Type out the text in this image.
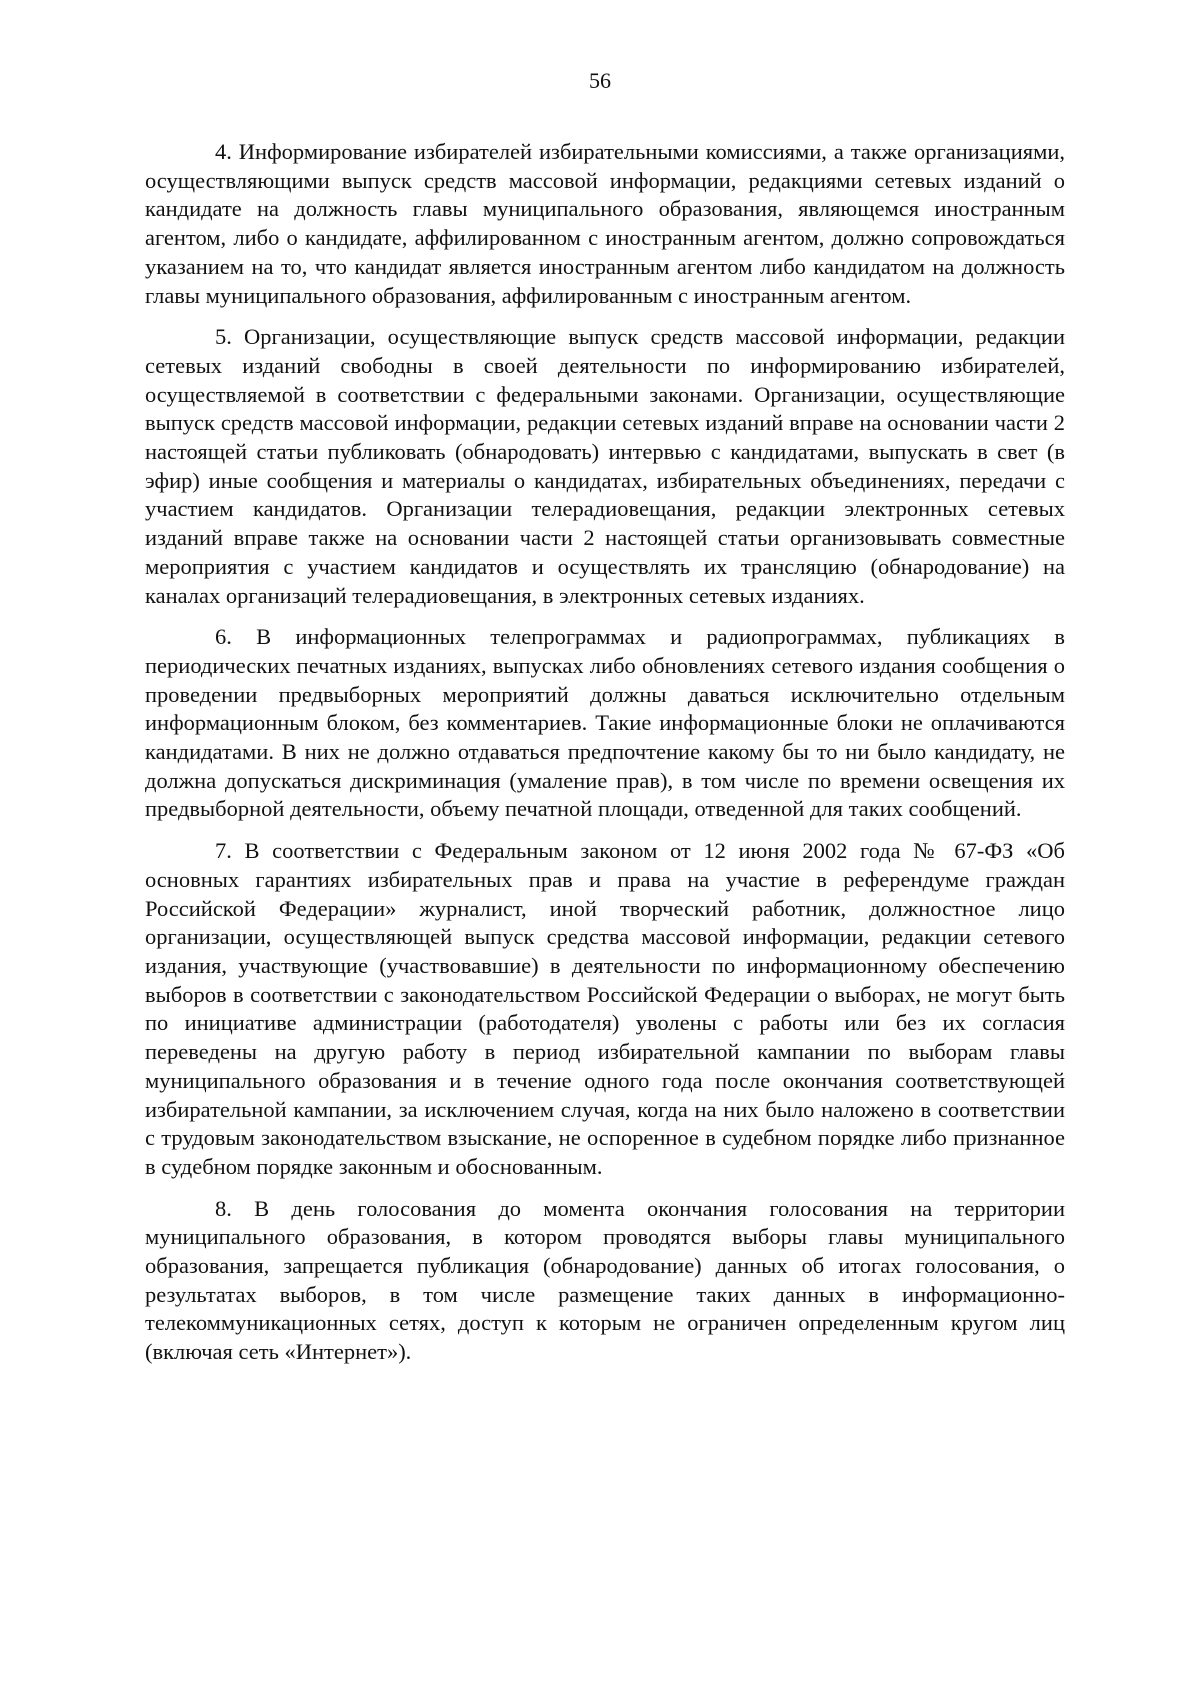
56

4. Информирование избирателей избирательными комиссиями, а также организациями, осуществляющими выпуск средств массовой информации, редакциями сетевых изданий о кандидате на должность главы муниципального образования, являющемся иностранным агентом, либо о кандидате, аффилированном с иностранным агентом, должно сопровождаться указанием на то, что кандидат является иностранным агентом либо кандидатом на должность главы муниципального образования, аффилированным с иностранным агентом.

5. Организации, осуществляющие выпуск средств массовой информации, редакции сетевых изданий свободны в своей деятельности по информированию избирателей, осуществляемой в соответствии с федеральными законами. Организации, осуществляющие выпуск средств массовой информации, редакции сетевых изданий вправе на основании части 2 настоящей статьи публиковать (обнародовать) интервью с кандидатами, выпускать в свет (в эфир) иные сообщения и материалы о кандидатах, избирательных объединениях, передачи с участием кандидатов. Организации телерадиовещания, редакции электронных сетевых изданий вправе также на основании части 2 настоящей статьи организовывать совместные мероприятия с участием кандидатов и осуществлять их трансляцию (обнародование) на каналах организаций телерадиовещания, в электронных сетевых изданиях.

6. В информационных телепрограммах и радиопрограммах, публикациях в периодических печатных изданиях, выпусках либо обновлениях сетевого издания сообщения о проведении предвыборных мероприятий должны даваться исключительно отдельным информационным блоком, без комментариев. Такие информационные блоки не оплачиваются кандидатами. В них не должно отдаваться предпочтение какому бы то ни было кандидату, не должна допускаться дискриминация (умаление прав), в том числе по времени освещения их предвыборной деятельности, объему печатной площади, отведенной для таких сообщений.

7. В соответствии с Федеральным законом от 12 июня 2002 года № 67-ФЗ «Об основных гарантиях избирательных прав и права на участие в референдуме граждан Российской Федерации» журналист, иной творческий работник, должностное лицо организации, осуществляющей выпуск средства массовой информации, редакции сетевого издания, участвующие (участвовавшие) в деятельности по информационному обеспечению выборов в соответствии с законодательством Российской Федерации о выборах, не могут быть по инициативе администрации (работодателя) уволены с работы или без их согласия переведены на другую работу в период избирательной кампании по выборам главы муниципального образования и в течение одного года после окончания соответствующей избирательной кампании, за исключением случая, когда на них было наложено в соответствии с трудовым законодательством взыскание, не оспоренное в судебном порядке либо признанное в судебном порядке законным и обоснованным.

8. В день голосования до момента окончания голосования на территории муниципального образования, в котором проводятся выборы главы муниципального образования, запрещается публикация (обнародование) данных об итогах голосования, о результатах выборов, в том числе размещение таких данных в информационно-телекоммуникационных сетях, доступ к которым не ограничен определенным кругом лиц (включая сеть «Интернет»).
